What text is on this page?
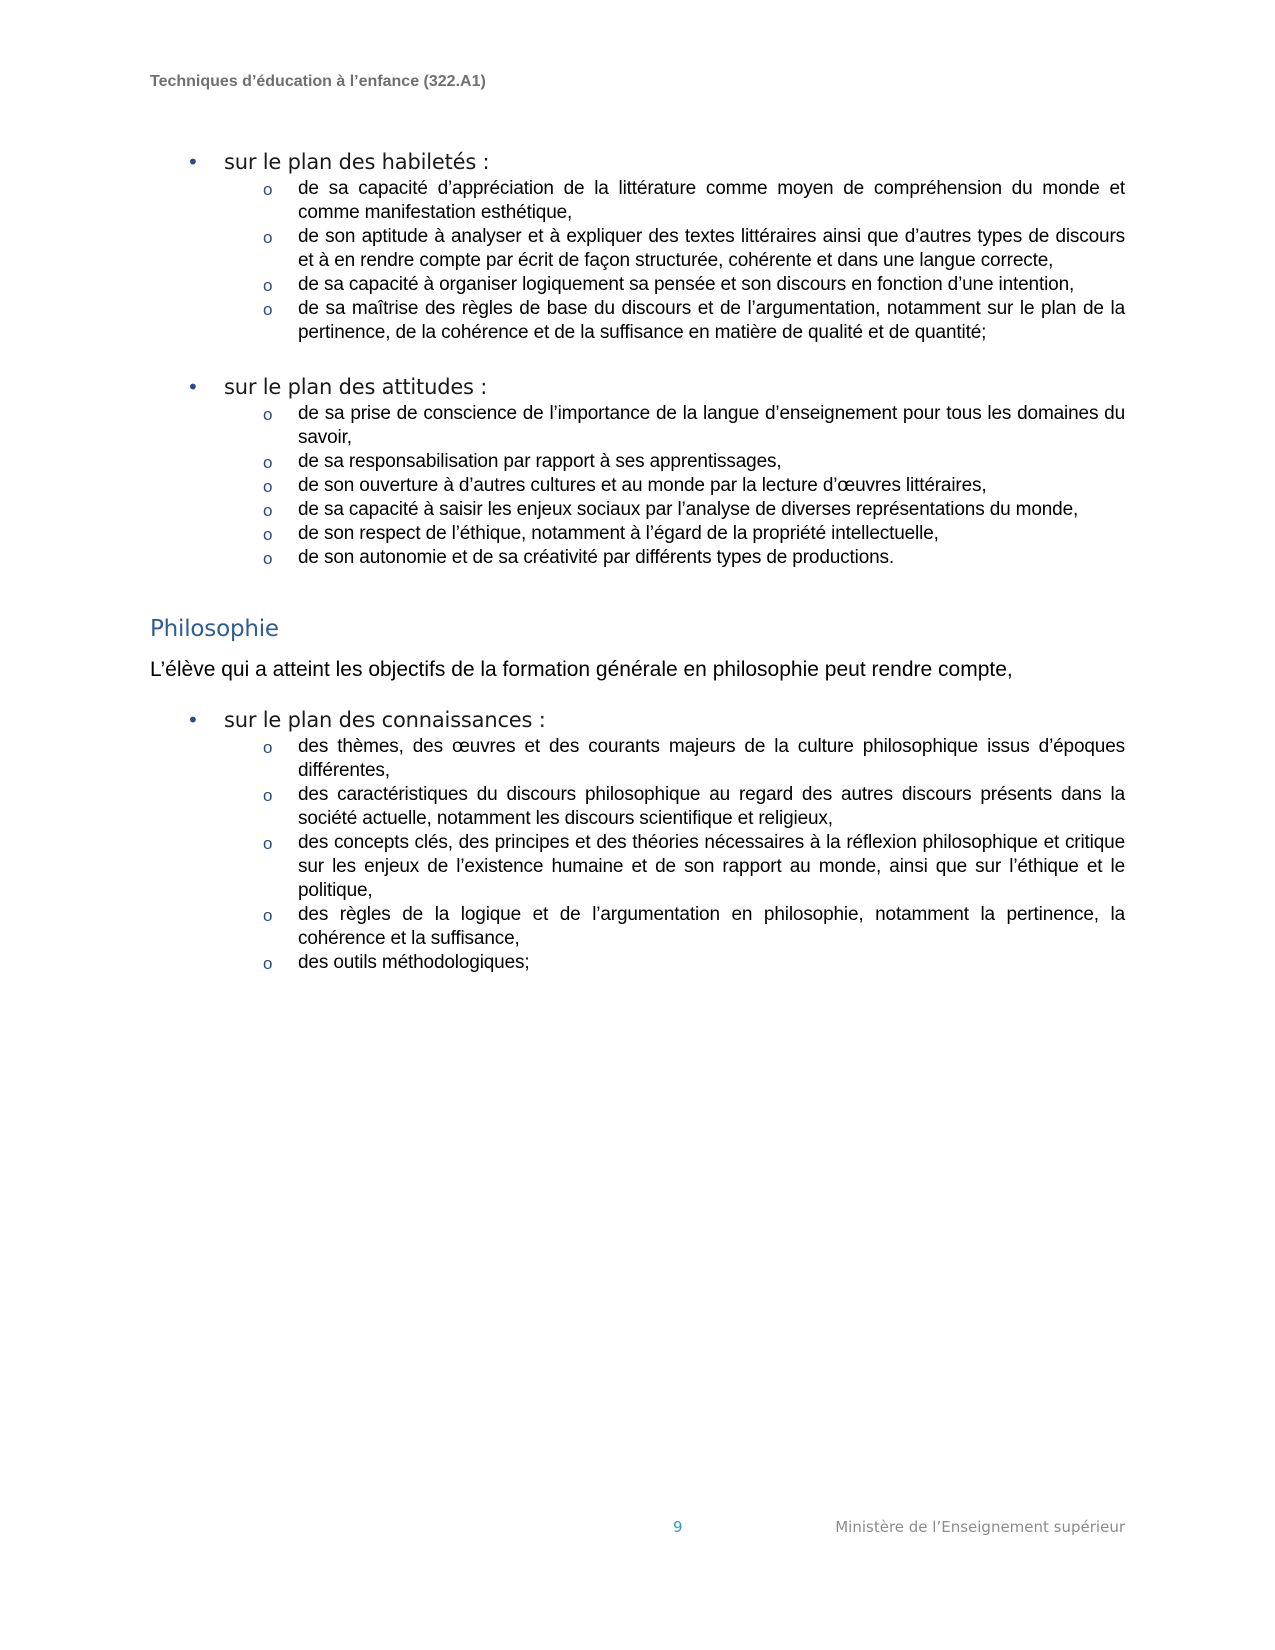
Techniques d’éducation à l’enfance (322.A1)
• sur le plan des habiletés :
o de sa capacité d’appréciation de la littérature comme moyen de compréhension du monde et comme manifestation esthétique,
o de son aptitude à analyser et à expliquer des textes littéraires ainsi que d’autres types de discours et à en rendre compte par écrit de façon structurée, cohérente et dans une langue correcte,
o de sa capacité à organiser logiquement sa pensée et son discours en fonction d’une intention,
o de sa maîtrise des règles de base du discours et de l’argumentation, notamment sur le plan de la pertinence, de la cohérence et de la suffisance en matière de qualité et de quantité;
• sur le plan des attitudes :
o de sa prise de conscience de l’importance de la langue d’enseignement pour tous les domaines du savoir,
o de sa responsabilisation par rapport à ses apprentissages,
o de son ouverture à d’autres cultures et au monde par la lecture d’œuvres littéraires,
o de sa capacité à saisir les enjeux sociaux par l’analyse de diverses représentations du monde,
o de son respect de l’éthique, notamment à l’égard de la propriété intellectuelle,
o de son autonomie et de sa créativité par différents types de productions.
Philosophie
L’élève qui a atteint les objectifs de la formation générale en philosophie peut rendre compte,
• sur le plan des connaissances :
o des thèmes, des œuvres et des courants majeurs de la culture philosophique issus d’époques différentes,
o des caractéristiques du discours philosophique au regard des autres discours présents dans la société actuelle, notamment les discours scientifique et religieux,
o des concepts clés, des principes et des théories nécessaires à la réflexion philosophique et critique sur les enjeux de l’existence humaine et de son rapport au monde, ainsi que sur l’éthique et le politique,
o des règles de la logique et de l’argumentation en philosophie, notamment la pertinence, la cohérence et la suffisance,
o des outils méthodologiques;
9	Ministère de l’Enseignement supérieur
